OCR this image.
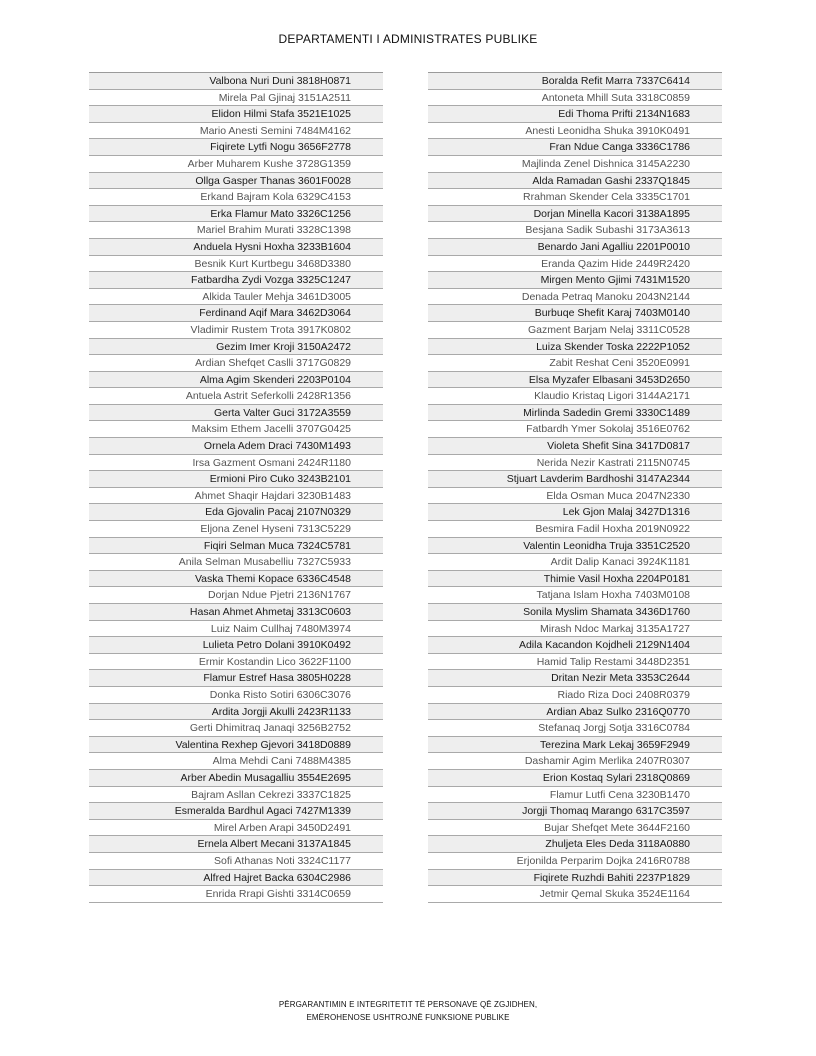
DEPARTAMENTI I ADMINISTRATES PUBLIKE
Valbona Nuri Duni 3818H0871
Mirela Pal Gjinaj 3151A2511
Elidon Hilmi Stafa 3521E1025
Mario Anesti Semini 7484M4162
Fiqirete Lytfi Nogu 3656F2778
Arber Muharem Kushe 3728G1359
Ollga Gasper Thanas 3601F0028
Erkand Bajram Kola 6329C4153
Erka Flamur Mato 3326C1256
Mariel Brahim Murati 3328C1398
Anduela Hysni Hoxha 3233B1604
Besnik Kurt Kurtbegu 3468D3380
Fatbardha Zydi Vozga 3325C1247
Alkida Tauler Mehja 3461D3005
Ferdinand Aqif Mara 3462D3064
Vladimir Rustem Trota 3917K0802
Gezim Imer Kroji 3150A2472
Ardian Shefqet Caslli 3717G0829
Alma Agim Skenderi 2203P0104
Antuela Astrit Seferkolli 2428R1356
Gerta Valter Guci 3172A3559
Maksim Ethem Jacelli 3707G0425
Ornela Adem Draci 7430M1493
Irsa Gazment Osmani 2424R1180
Ermioni Piro Cuko 3243B2101
Ahmet Shaqir Hajdari 3230B1483
Eda Gjovalin Pacaj 2107N0329
Eljona Zenel Hyseni 7313C5229
Fiqiri Selman Muca 7324C5781
Anila Selman Musabelliu 7327C5933
Vaska Themi Kopace 6336C4548
Dorjan Ndue Pjetri 2136N1767
Hasan Ahmet Ahmetaj 3313C0603
Luiz Naim Cullhaj 7480M3974
Lulieta Petro Dolani 3910K0492
Ermir Kostandin Lico 3622F1100
Flamur Estref Hasa 3805H0228
Donka Risto Sotiri 6306C3076
Ardita Jorgji Akulli 2423R1133
Gerti Dhimitraq Janaqi 3256B2752
Valentina Rexhep Gjevori 3418D0889
Alma Mehdi Cani 7488M4385
Arber Abedin Musagalliu 3554E2695
Bajram Asllan Cekrezi 3337C1825
Esmeralda Bardhul Agaci 7427M1339
Mirel Arben Arapi 3450D2491
Ernela Albert Mecani 3137A1845
Sofi Athanas Noti 3324C1177
Alfred Hajret Backa 6304C2986
Enrida Rrapi Gishti 3314C0659
Boralda Refit Marra 7337C6414
Antoneta Mhill Suta 3318C0859
Edi Thoma Prifti 2134N1683
Anesti Leonidha Shuka 3910K0491
Fran Ndue Canga 3336C1786
Majlinda Zenel Dishnica 3145A2230
Alda Ramadan Gashi 2337Q1845
Rrahman Skender Cela 3335C1701
Dorjan Minella Kacori 3138A1895
Besjana Sadik Subashi 3173A3613
Benardo Jani Agalliu 2201P0010
Eranda Qazim Hide 2449R2420
Mirgen Mento Gjimi 7431M1520
Denada Petraq Manoku 2043N2144
Burbuqe Shefit Karaj 7403M0140
Gazment Barjam Nelaj 3311C0528
Luiza Skender Toska 2222P1052
Zabit Reshat Ceni 3520E0991
Elsa Myzafer Elbasani 3453D2650
Klaudio Kristaq Ligori 3144A2171
Mirlinda Sadedin Gremi 3330C1489
Fatbardh Ymer Sokolaj 3516E0762
Violeta Shefit Sina 3417D0817
Nerida Nezir Kastrati 2115N0745
Stjuart Lavderim Bardhoshi 3147A2344
Elda Osman Muca 2047N2330
Lek Gjon Malaj 3427D1316
Besmira Fadil Hoxha 2019N0922
Valentin Leonidha Truja 3351C2520
Ardit Dalip Kanaci 3924K1181
Thimie Vasil Hoxha 2204P0181
Tatjana Islam Hoxha 7403M0108
Sonila Myslim Shamata 3436D1760
Mirash Ndoc Markaj 3135A1727
Adila Kacandon Kojdheli 2129N1404
Hamid Talip Restami 3448D2351
Dritan Nezir Meta 3353C2644
Riado Riza Doci 2408R0379
Ardian Abaz Sulko 2316Q0770
Stefanaq Jorgj Sotja 3316C0784
Terezina Mark Lekaj 3659F2949
Dashamir Agim Merlika 2407R0307
Erion Kostaq Sylari 2318Q0869
Flamur Lutfi Cena 3230B1470
Jorgji Thomaq Marango 6317C3597
Bujar Shefqet Mete 3644F2160
Zhuljeta Eles Deda 3118A0880
Erjonilda Perparim Dojka 2416R0788
Fiqirete Ruzhdi Bahiti 2237P1829
Jetmir Qemal Skuka 3524E1164
PËRGARANTIMIN E INTEGRITETIT TË PERSONAVE QË ZGJIDHEN,
EMËROHENOSE USHTROJNË FUNKSIONE PUBLIKE
